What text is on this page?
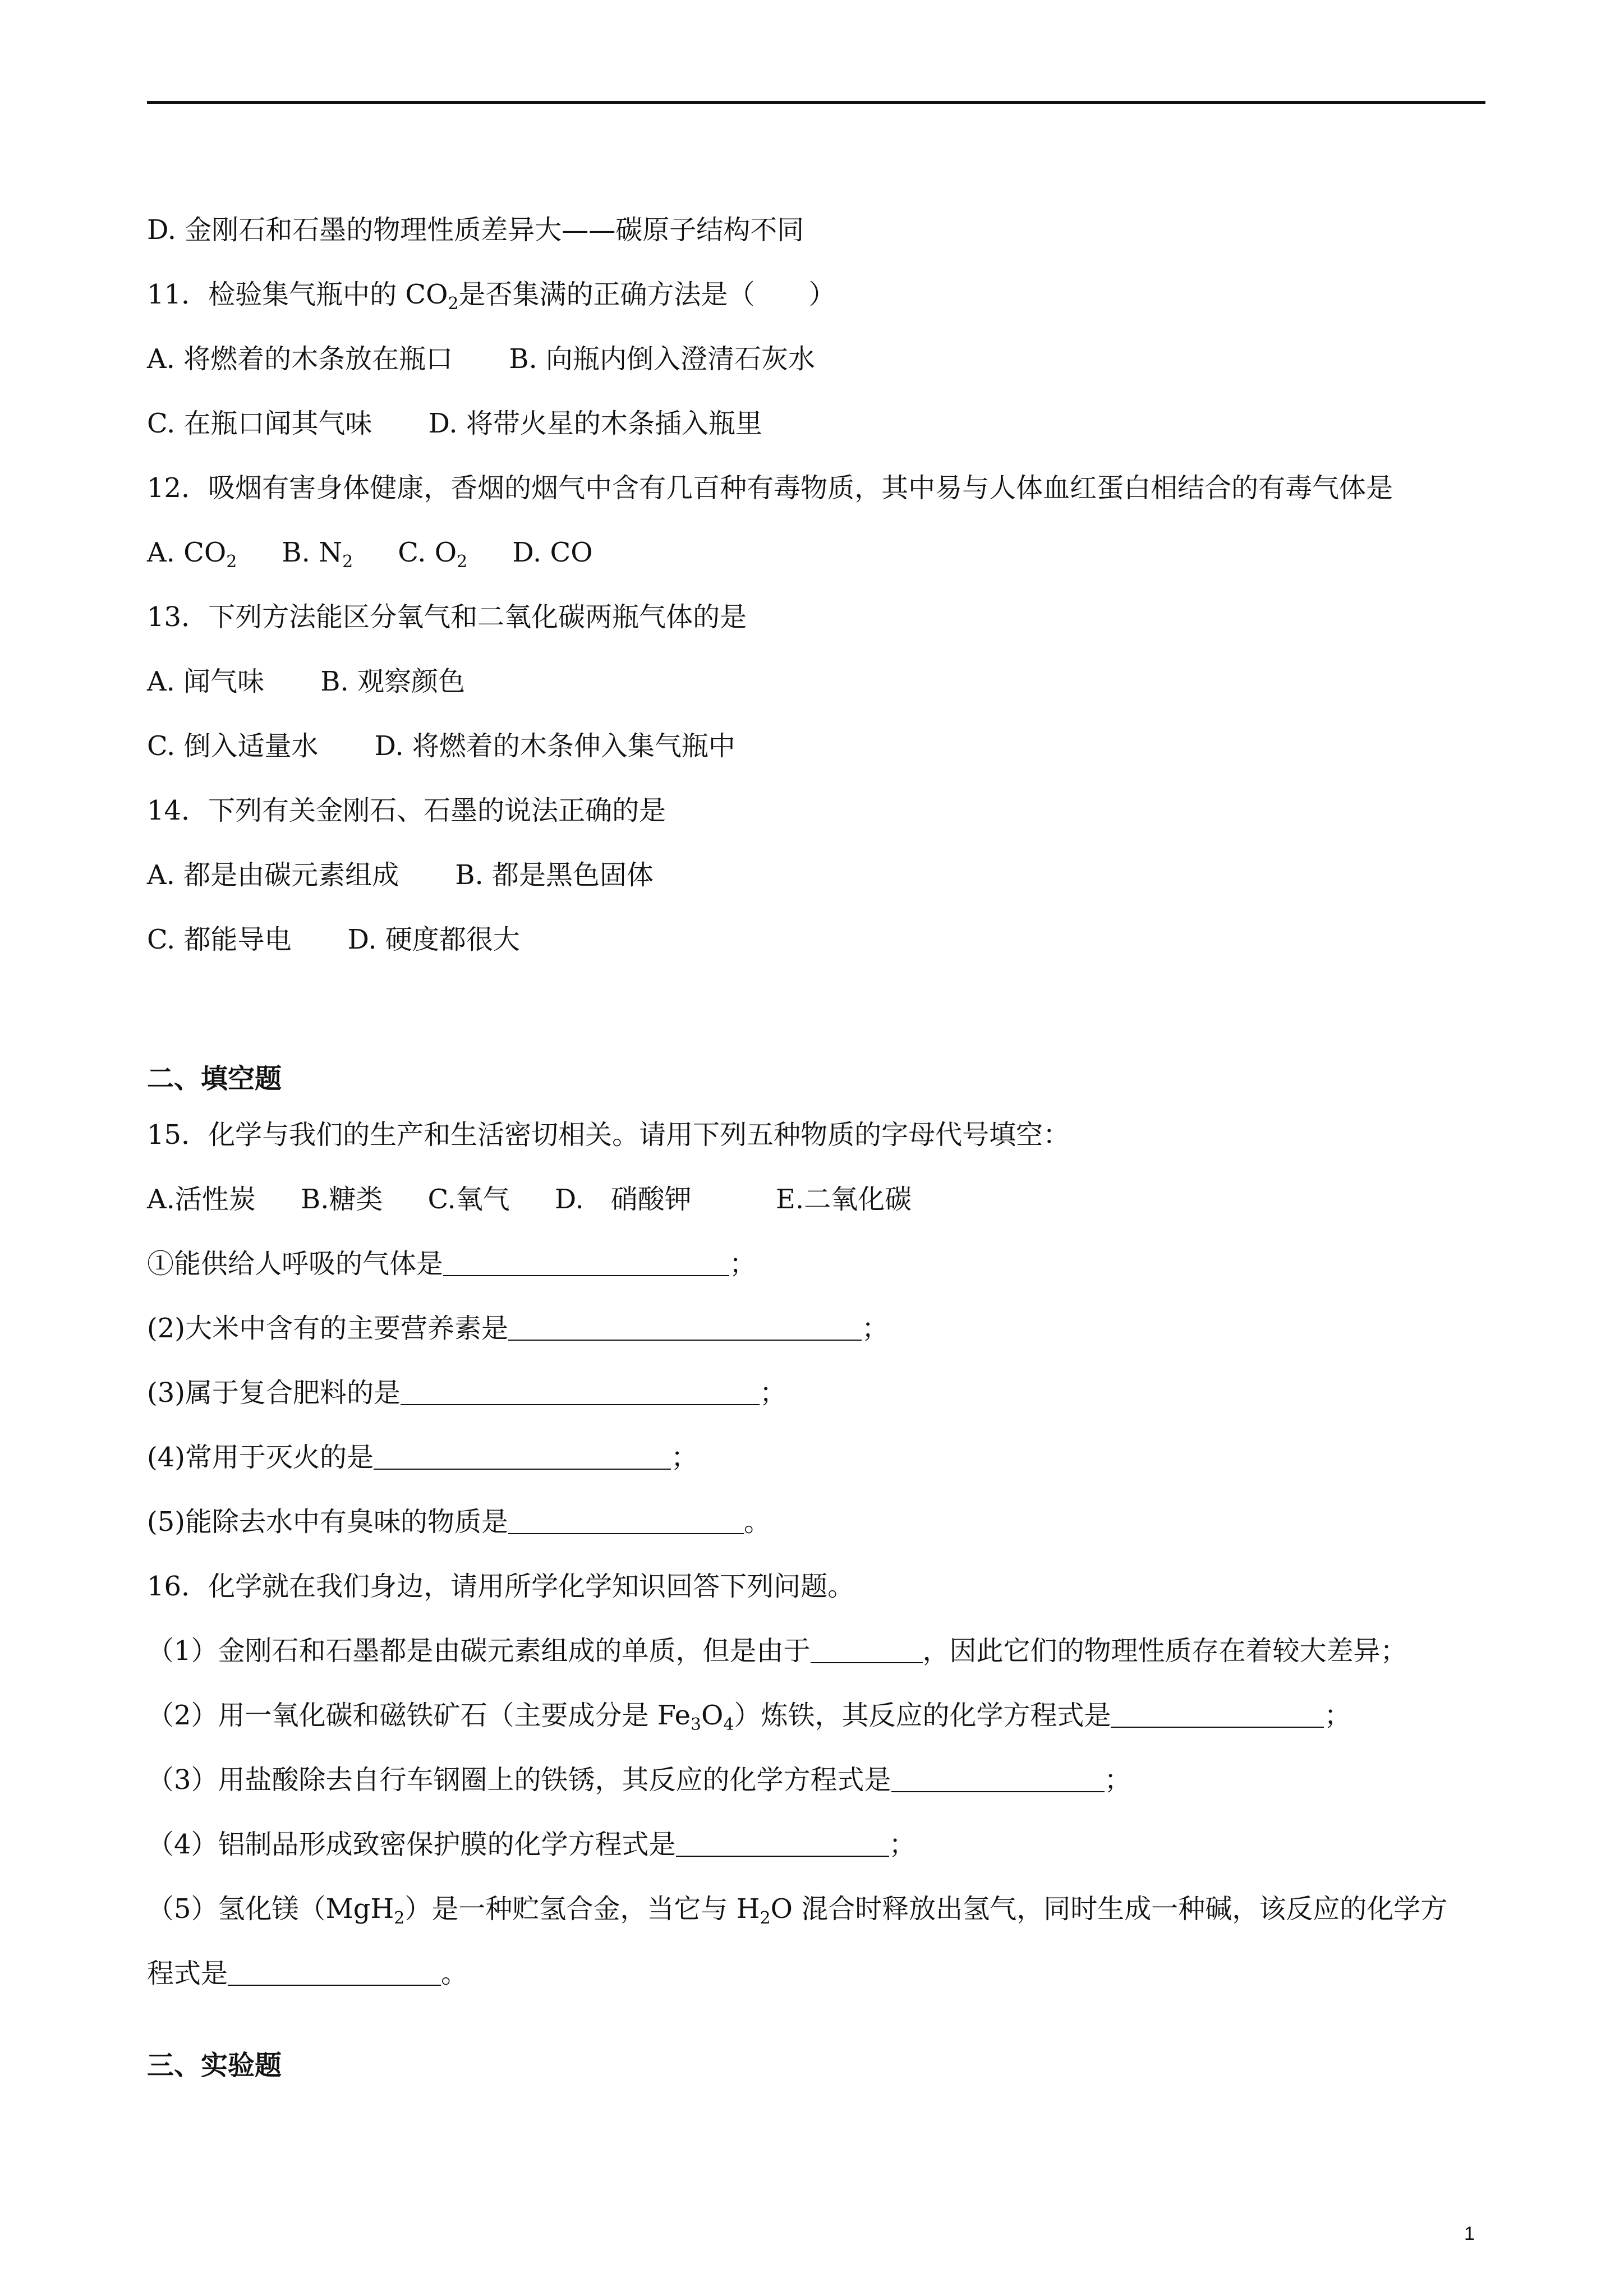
D. 金刚石和石墨的物理性质差异大——碳原子结构不同
11．检验集气瓶中的 $CO_2$是否集满的正确方法是（　　）
A. 将燃着的木条放在瓶口 B. 向瓶内倒入澄清石灰水
C. 在瓶口闻其气味 D. 将带火星的木条插入瓶里
12．吸烟有害身体健康，香烟的烟气中含有几百种有毒物质，其中易与人体血红蛋白相结合的有毒气体是
A. $CO_2$ B. $N_2$ C. $O_2$ D. CO
13．下列方法能区分氧气和二氧化碳两瓶气体的是
A. 闻气味 B. 观察颜色
C. 倒入适量水 D. 将燃着的木条伸入集气瓶中
14．下列有关金刚石、石墨的说法正确的是
A. 都是由碳元素组成 B. 都是黑色固体
C. 都能导电 D. 硬度都很大
二、填空题
15．化学与我们的生产和生活密切相关。请用下列五种物质的字母代号填空：
A.活性炭 B.糖类 C.氧气 D.　硝酸钾	E.二氧化碳
①能供给人呼吸的气体是	；
(2)大米中含有的主要营养素是	；
(3)属于复合肥料的是	；
(4)常用于灭火的是	；
(5)能除去水中有臭味的物质是	。
16．化学就在我们身边，请用所学化学知识回答下列问题。
（1）金刚石和石墨都是由碳元素组成的单质，但是由于	，因此它们的物理性质存在着较大差异；
（2）用一氧化碳和磁铁矿石（主要成分是 $Fe_3O_4$）炼铁，其反应的化学方程式是	；
（3）用盐酸除去自行车钢圈上的铁锈，其反应的化学方程式是	；
（4）铝制品形成致密保护膜的化学方程式是	；
（5）氢化镁（MgH$_2$）是一种贮氢合金，当它与 $H_2O$ 混合时释放出氢气，同时生成一种碱，该反应的化学方
程式是	。
三、实验题
1
